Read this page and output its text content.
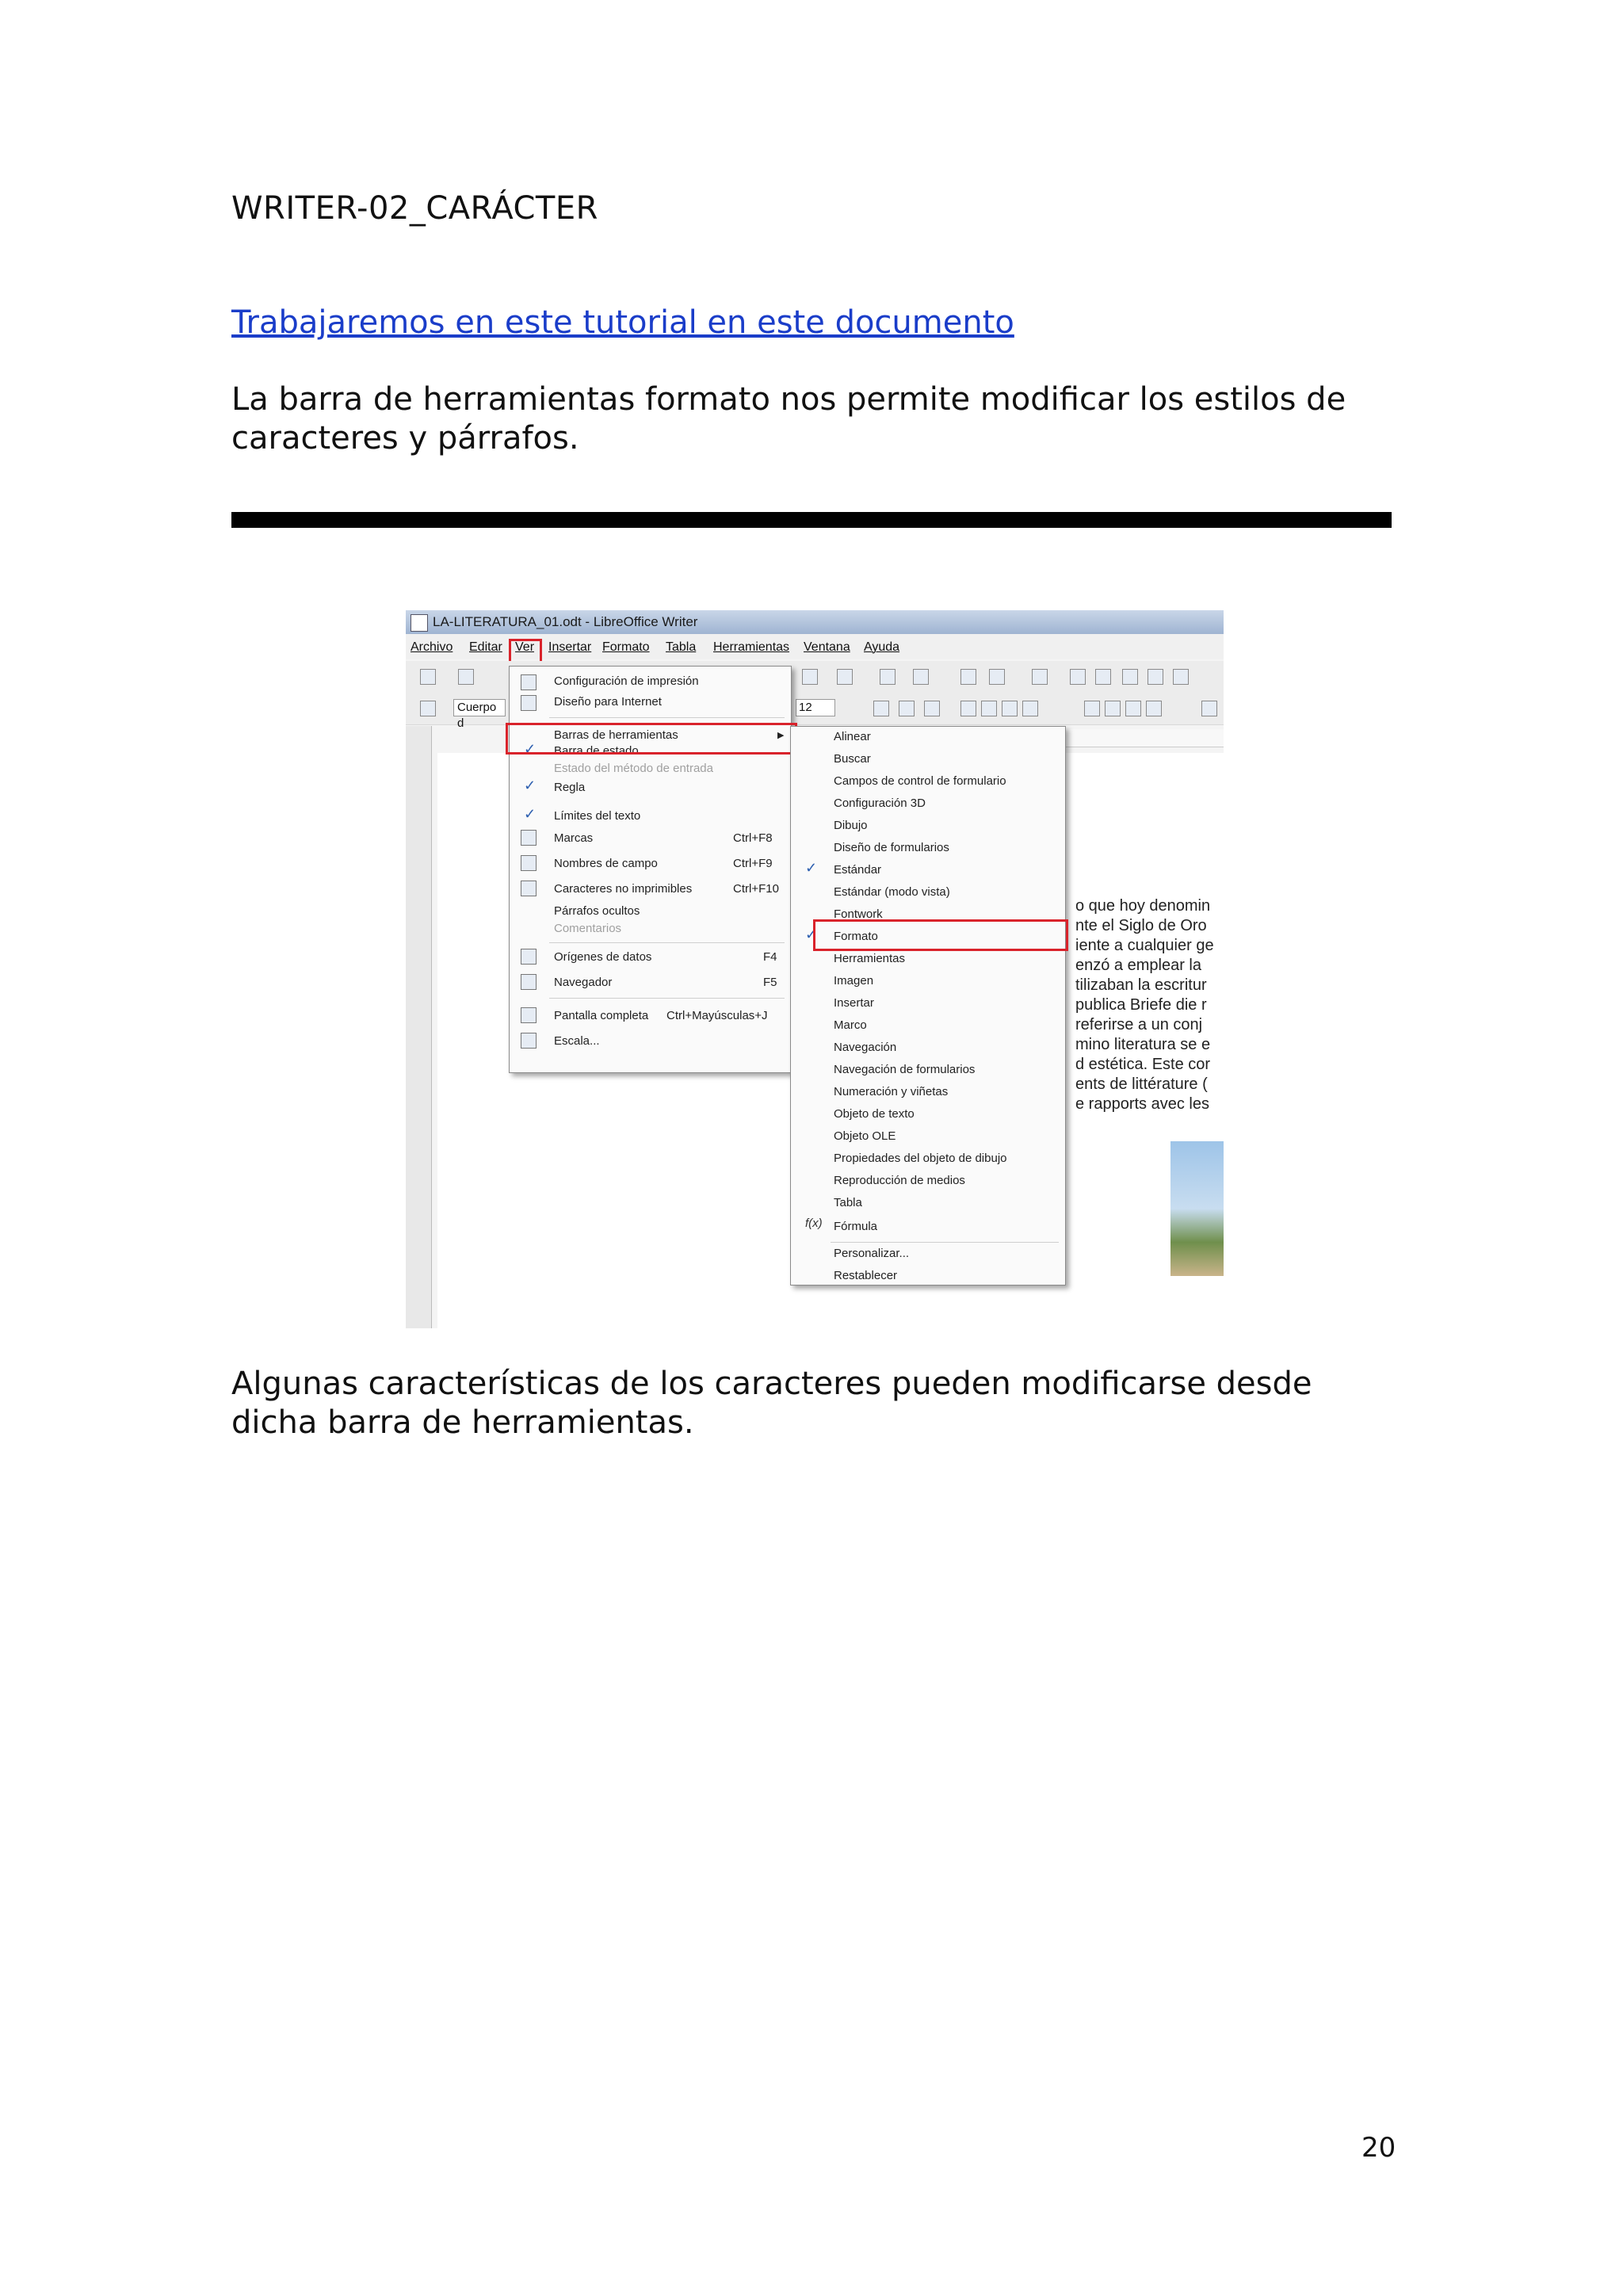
WRITER-02_CARÁCTER
Trabajaremos en este tutorial en este documento
La barra de herramientas formato nos permite modificar los estilos de caracteres y párrafos.
LA-LITERATURA_01.odt - LibreOffice Writer
Archivo Editar Ver Insertar Formato Tabla Herramientas Ventana Ayuda
Cuerpo d
12
o que hoy denomin
nte el Siglo de Oro
iente a cualquier ge
enzó a emplear la
tilizaban la escritur
publica Briefe die r
referirse a un conj
mino literatura se e
d estética. Este cor
ents de littérature (
e rapports avec les
Configuración de impresión
Diseño para Internet
Barras de herramientas	▶
✓ Barra de estado
Estado del método de entrada
✓ Regla
✓ Límites del texto
Marcas	Ctrl+F8
Nombres de campo	Ctrl+F9
Caracteres no imprimibles	Ctrl+F10
Párrafos ocultos
Comentarios
Orígenes de datos	F4
Navegador	F5
Pantalla completa Ctrl+Mayúsculas+J
Escala...
Alinear
Buscar
Campos de control de formulario
Configuración 3D
Dibujo
Diseño de formularios
✓ Estándar
Estándar (modo vista)
Fontwork
✓ Formato
Herramientas
Imagen
Insertar
Marco
Navegación
Navegación de formularios
Numeración y viñetas
Objeto de texto
Objeto OLE
Propiedades del objeto de dibujo
Reproducción de medios
Tabla
f(x) Fórmula
Personalizar...
Restablecer
Algunas características de los caracteres pueden modificarse desde dicha barra de herramientas.
20
